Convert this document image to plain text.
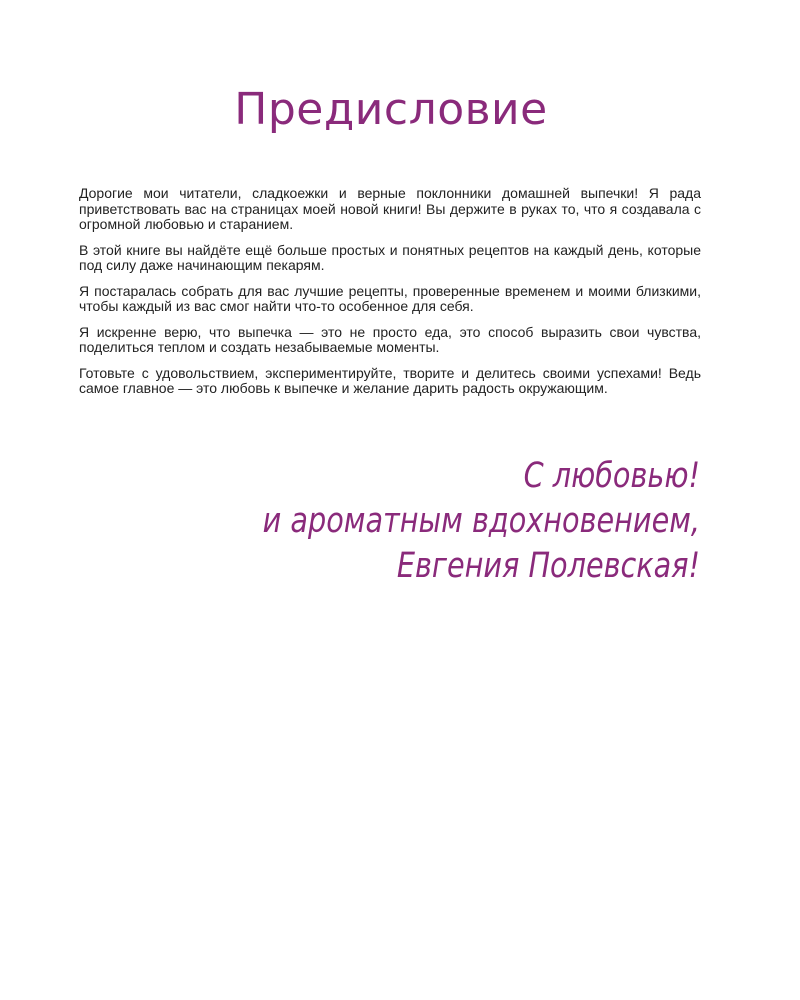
Предисловие

Дорогие мои читатели, сладкоежки и верные поклонники домашней выпечки! Я рада приветствовать вас на страницах моей новой книги! Вы держите в руках то, что я создавала с огромной любовью и старанием.

В этой книге вы найдёте ещё больше простых и понятных рецептов на каждый день, которые под силу даже начинающим пекарям.

Я постаралась собрать для вас лучшие рецепты, проверенные временем и моими близкими, чтобы каждый из вас смог найти что-то особенное для себя.

Я искренне верю, что выпечка — это не просто еда, это способ выразить свои чувства, поделиться теплом и создать незабываемые моменты.

Готовьте с удовольствием, экспериментируйте, творите и делитесь своими успехами! Ведь самое главное — это любовь к выпечке и желание дарить радость окружающим.

С любовью!
и ароматным вдохновением,
Евгения Полевская!
